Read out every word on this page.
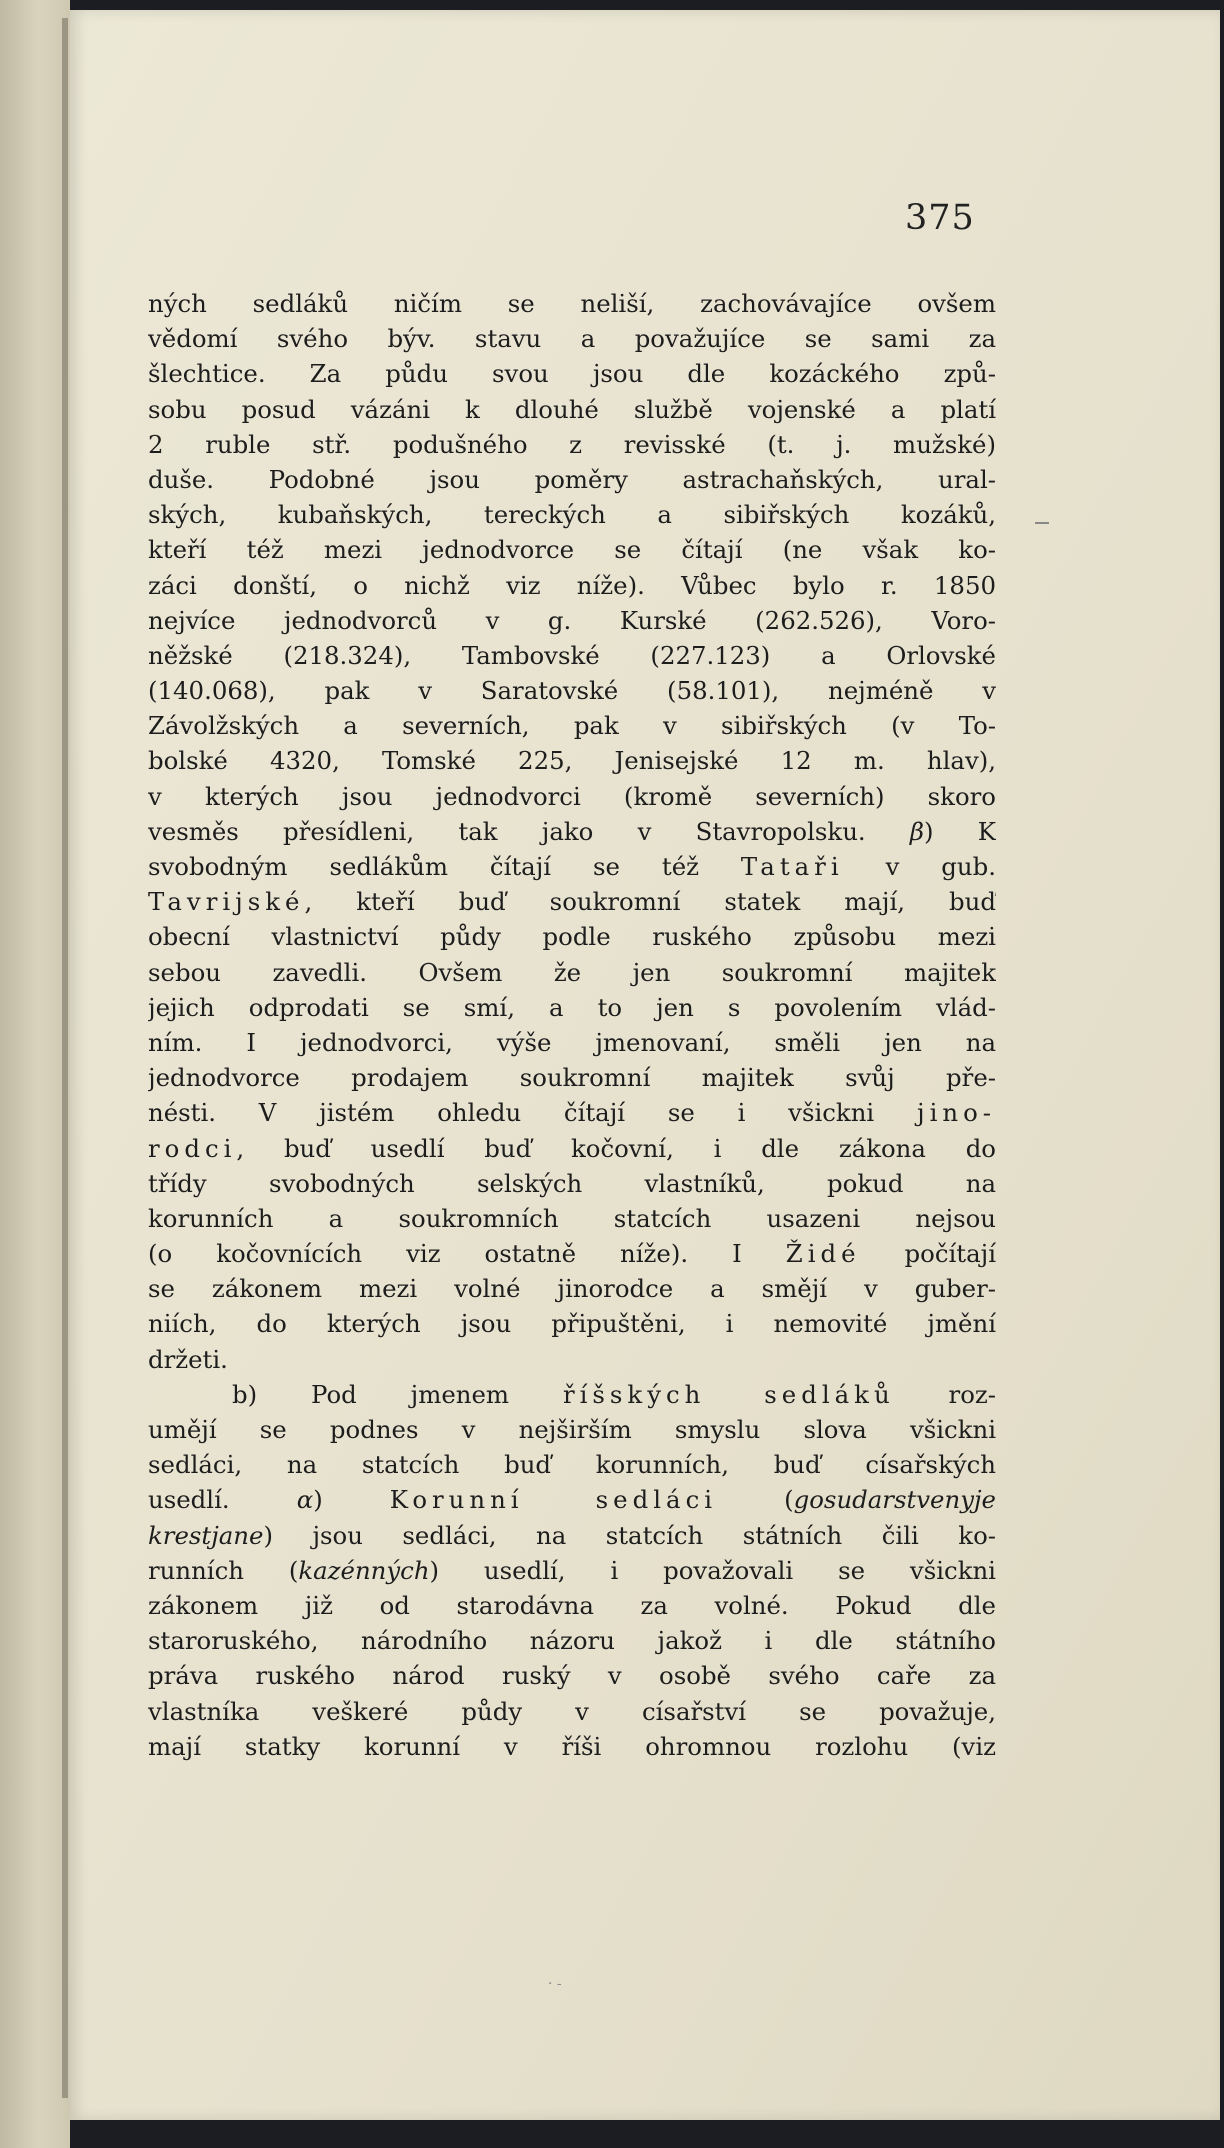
375
ných sedláků ničím se neliší, zachovávajíce ovšem
vědomí svého býv. stavu a považujíce se sami za
šlechtice. Za půdu svou jsou dle kozáckého způ-
sobu posud vázáni k dlouhé službě vojenské a platí
2 ruble stř. podušného z revisské (t. j. mužské)
duše. Podobné jsou poměry astrachaňských, ural-
ských, kubaňských, tereckých a sibiřských kozáků,
kteří též mezi jednodvorce se čítají (ne však ko-
záci donští, o nichž viz níže). Vůbec bylo r. 1850
nejvíce jednodvorců v g. Kurské (262.526), Voro-
něžské (218.324), Tambovské (227.123) a Orlovské
(140.068), pak v Saratovské (58.101), nejméně v
Závolžských a severních, pak v sibiřských (v To-
bolské 4320, Tomské 225, Jenisejské 12 m. hlav),
v kterých jsou jednodvorci (kromě severních) skoro
vesměs přesídleni, tak jako v Stavropolsku. β) K
svobodným sedlákům čítají se též Tataři v gub.
Tavrijské, kteří buď soukromní statek mají, buď
obecní vlastnictví půdy podle ruského způsobu mezi
sebou zavedli. Ovšem že jen soukromní majitek
jejich odprodati se smí, a to jen s povolením vlád-
ním. I jednodvorci, výše jmenovaní, směli jen na
jednodvorce prodajem soukromní majitek svůj pře-
nésti. V jistém ohledu čítají se i všickni jino-
rodci, buď usedlí buď kočovní, i dle zákona do
třídy svobodných selských vlastníků, pokud na
korunních a soukromních statcích usazeni nejsou
(o kočovnících viz ostatně níže). I Židé počítají
se zákonem mezi volné jinorodce a smějí v guber-
niích, do kterých jsou připuštěni, i nemovité jmění
držeti.
b) Pod jmenem říšských sedláků roz-
umějí se podnes v nejširším smyslu slova všickni
sedláci, na statcích buď korunních, buď císařských
usedlí. α) Korunní sedláci (gosudarstvenyje
krestjane) jsou sedláci, na statcích státních čili ko-
runních (kazénných) usedlí, i považovali se všickni
zákonem již od starodávna za volné. Pokud dle
staroruského, národního názoru jakož i dle státního
práva ruského národ ruský v osobě svého caře za
vlastníka veškeré půdy v císařství se považuje,
mají statky korunní v říši ohromnou rozlohu (viz
· -
